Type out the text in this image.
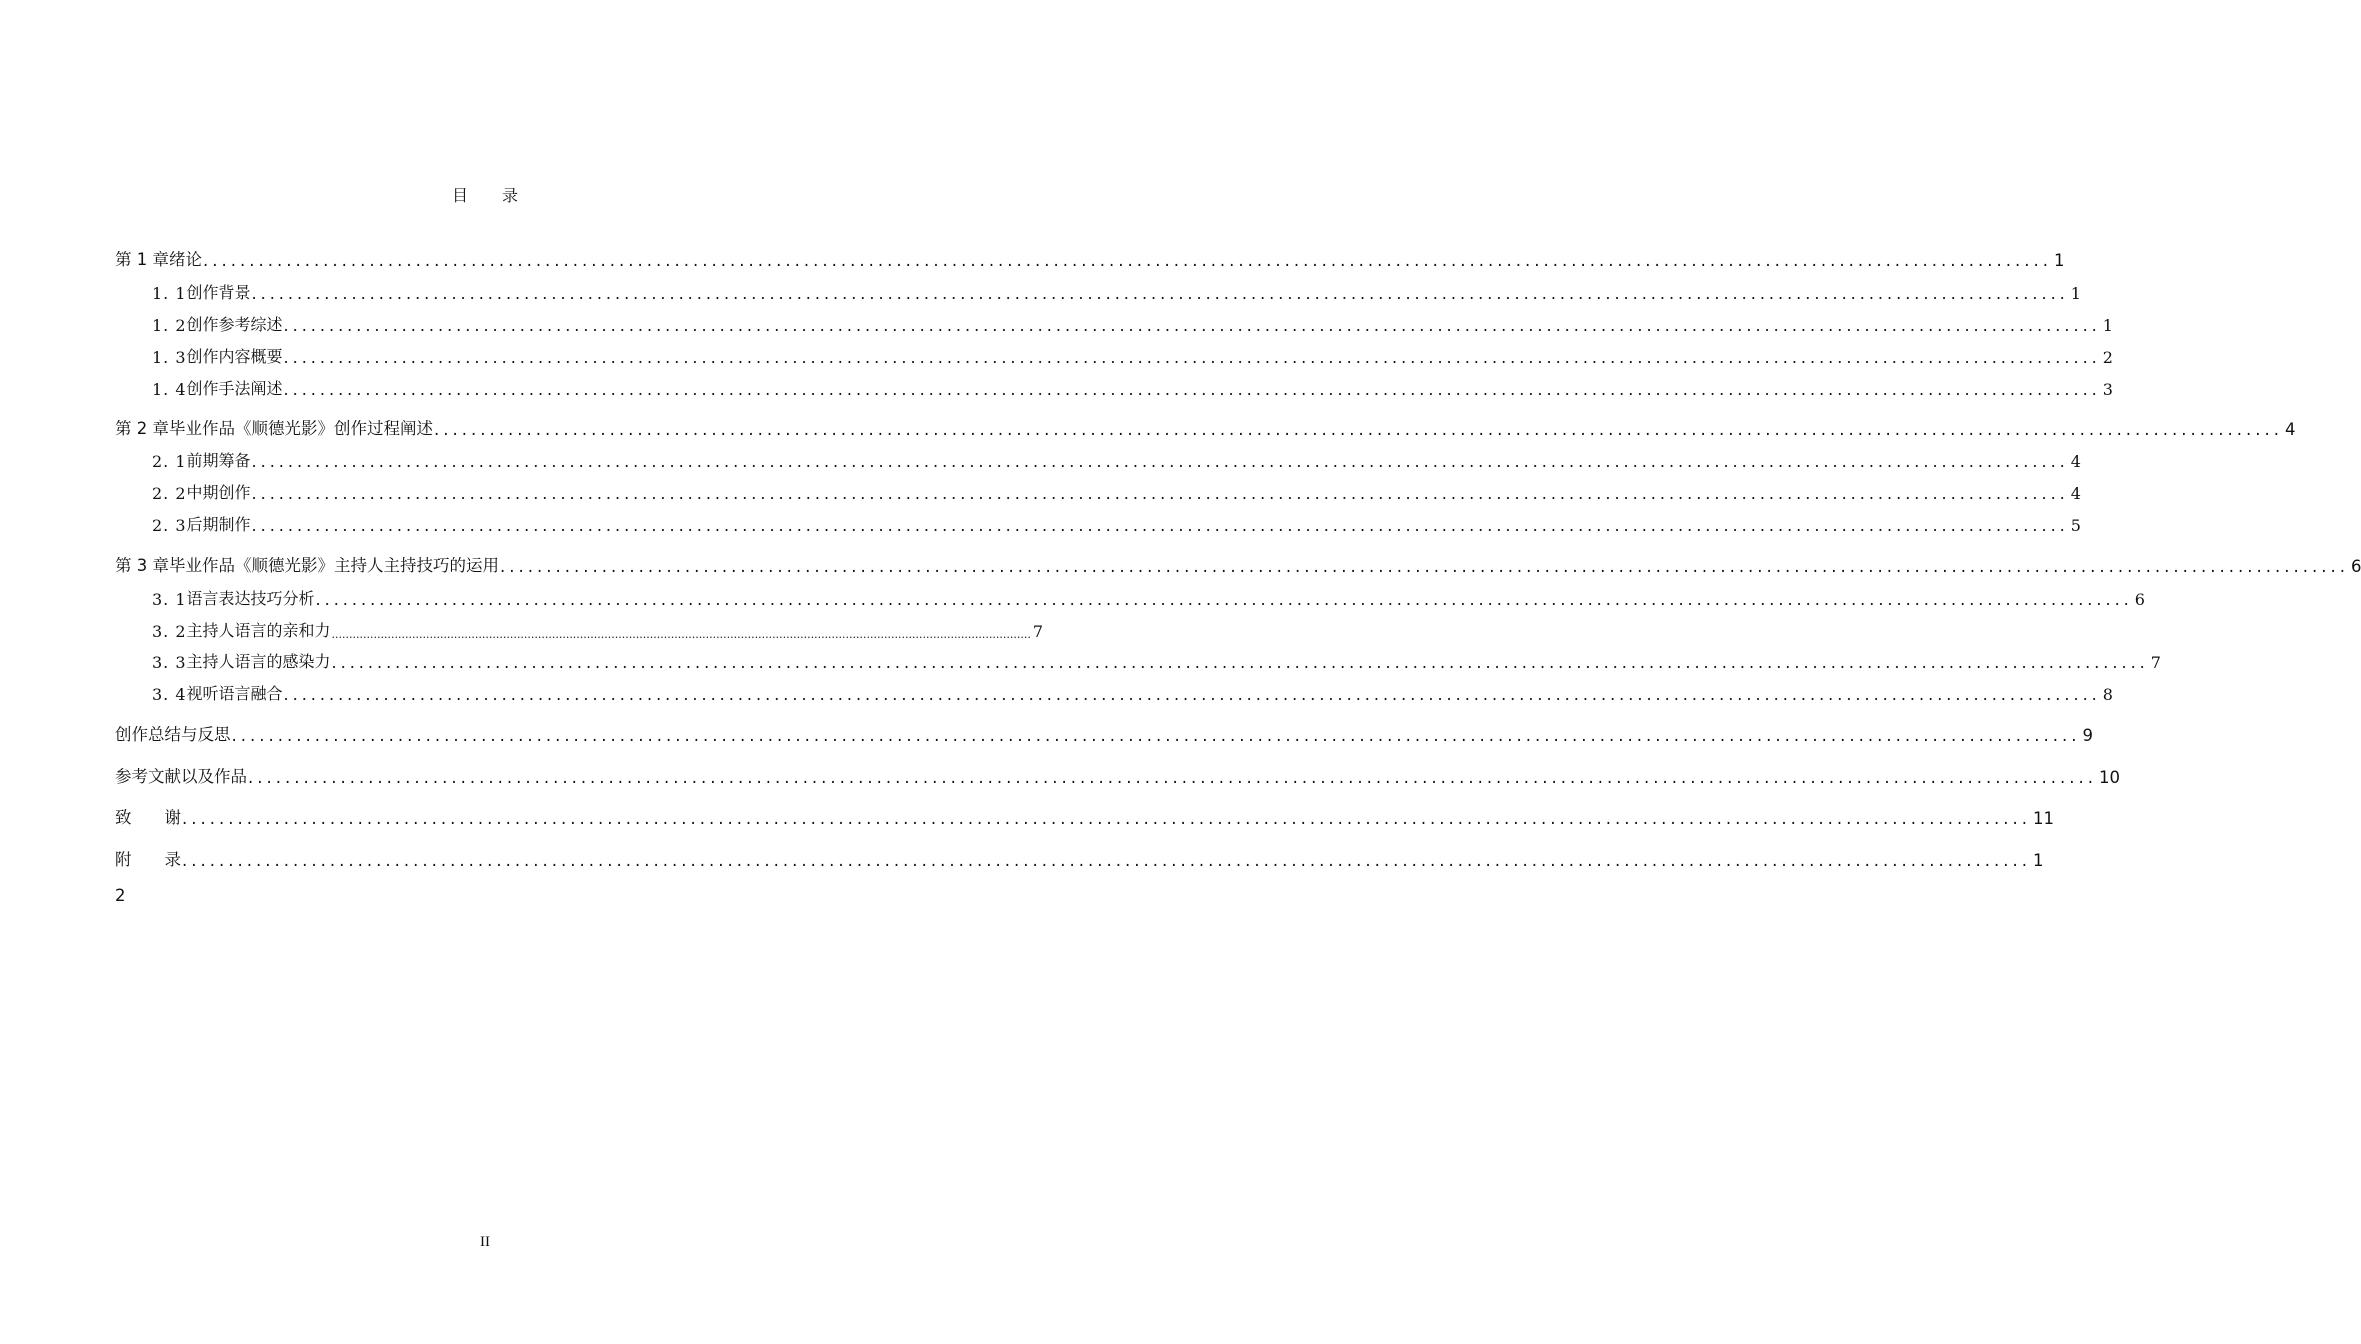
目 录
第 1 章 绪论 ........................................................................................................................................................................................................ 1
1. 1 创作背景 ........................................................................................................................................................................................................ 1
1. 2 创作参考综述 ........................................................................................................................................................................................................ 1
1. 3 创作内容概要 ........................................................................................................................................................................................................ 2
1. 4 创作手法阐述 ........................................................................................................................................................................................................ 3
第 2 章 毕业作品《顺德光影》创作过程阐述 ........................................................................................................................................................................................................ 4
2. 1 前期筹备 ........................................................................................................................................................................................................ 4
2. 2 中期创作 ........................................................................................................................................................................................................ 4
2. 3 后期制作 ........................................................................................................................................................................................................ 5
第 3 章 毕业作品《顺德光影》主持人主持技巧的运用 ........................................................................................................................................................................................................ 6
3. 1 语言表达技巧分析 ........................................................................................................................................................................................................ 6
3. 2 主持人语言的亲和力 ........................................................................................................................................................................................................ 7
3. 3 主持人语言的感染力 ........................................................................................................................................................................................................ 7
3. 4 视听语言融合 ........................................................................................................................................................................................................ 8
创作总结与反思 ........................................................................................................................................................................................................ 9
参考文献以及作品 ........................................................................................................................................................................................................ 10
致　　谢 ........................................................................................................................................................................................................ 11
附　　录 ........................................................................................................................................................................................................ 1
2
II
